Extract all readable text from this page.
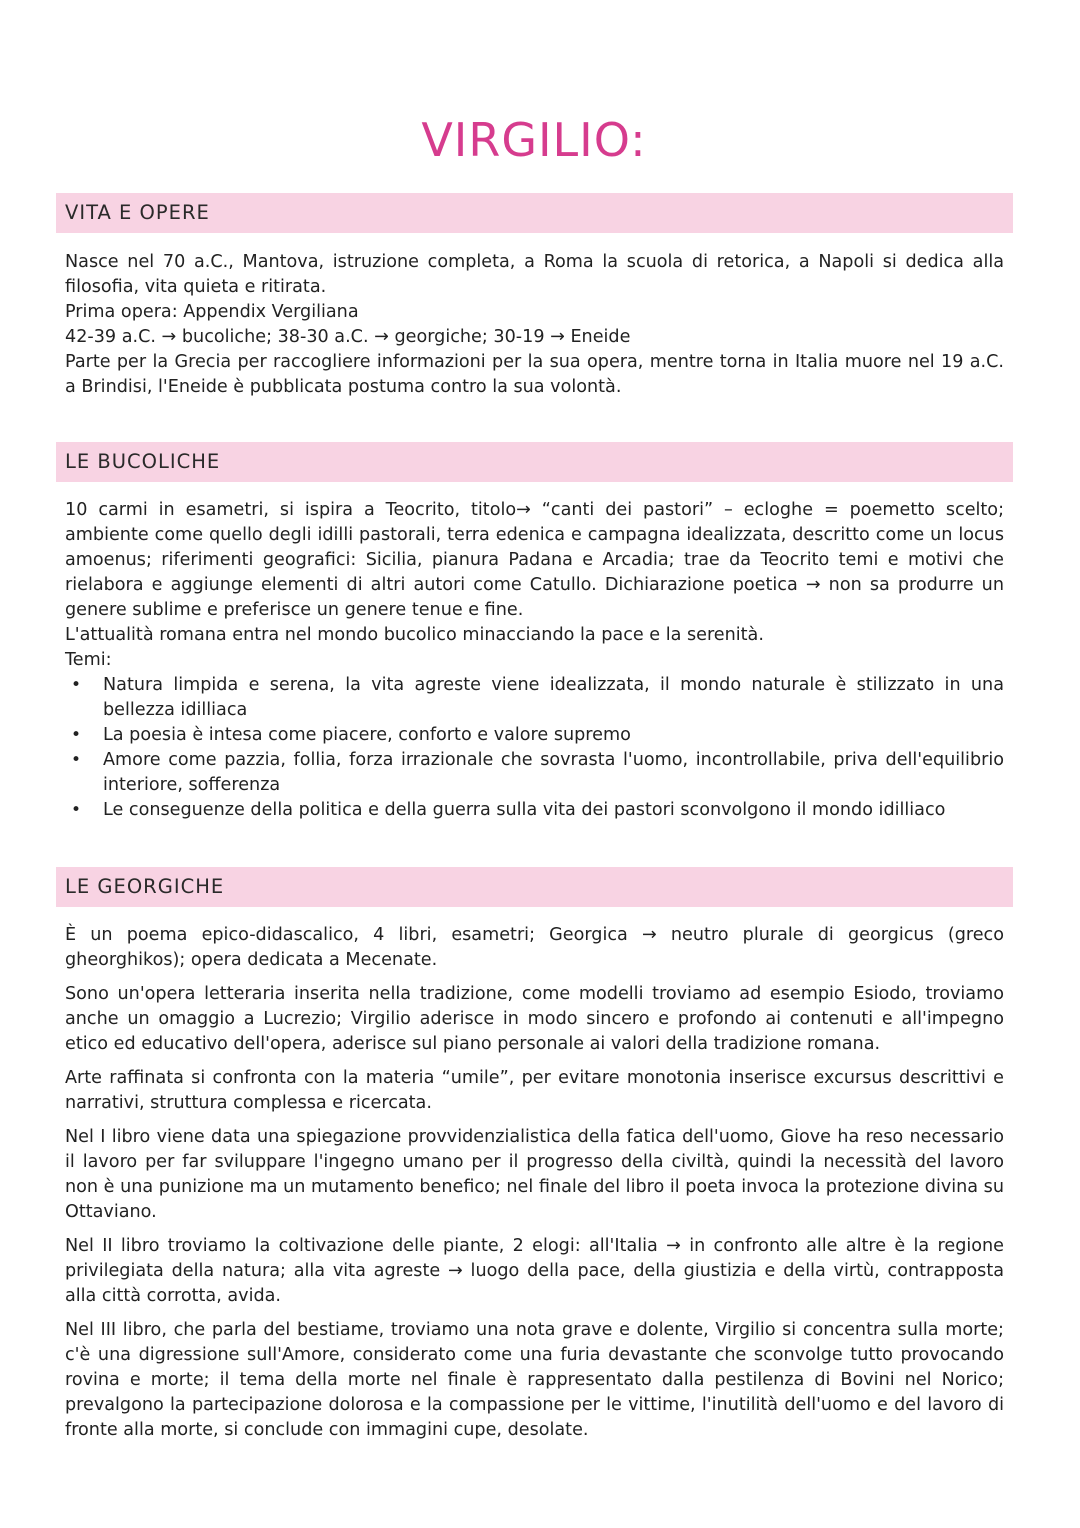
VIRGILIO:
VITA E OPERE

Nasce nel 70 a.C., Mantova, istruzione completa, a Roma la scuola di retorica, a Napoli si dedica alla filosofia, vita quieta e ritirata.

Prima opera: Appendix Vergiliana

42-39 a.C. → bucoliche; 38-30 a.C. → georgiche; 30-19 → Eneide

Parte per la Grecia per raccogliere informazioni per la sua opera, mentre torna in Italia muore nel 19 a.C. a Brindisi, l'Eneide è pubblicata postuma contro la sua volontà.

LE BUCOLICHE

10 carmi in esametri, si ispira a Teocrito, titolo→ “canti dei pastori” – ecloghe = poemetto scelto; ambiente come quello degli idilli pastorali, terra edenica e campagna idealizzata, descritto come un locus amoenus; riferimenti geografici: Sicilia, pianura Padana e Arcadia; trae da Teocrito temi e motivi che rielabora e aggiunge elementi di altri autori come Catullo. Dichiarazione poetica → non sa produrre un genere sublime e preferisce un genere tenue e fine.

L'attualità romana entra nel mondo bucolico minacciando la pace e la serenità.

Temi:

• Natura limpida e serena, la vita agreste viene idealizzata, il mondo naturale è stilizzato in una bellezza idilliaca
• La poesia è intesa come piacere, conforto e valore supremo
• Amore come pazzia, follia, forza irrazionale che sovrasta l'uomo, incontrollabile, priva dell'equilibrio interiore, sofferenza
• Le conseguenze della politica e della guerra sulla vita dei pastori sconvolgono il mondo idilliaco
LE GEORGICHE

È un poema epico-didascalico, 4 libri, esametri; Georgica → neutro plurale di georgicus (greco gheorghikos); opera dedicata a Mecenate.

Sono un'opera letteraria inserita nella tradizione, come modelli troviamo ad esempio Esiodo, troviamo anche un omaggio a Lucrezio; Virgilio aderisce in modo sincero e profondo ai contenuti e all'impegno etico ed educativo dell'opera, aderisce sul piano personale ai valori della tradizione romana.

Arte raffinata si confronta con la materia “umile”, per evitare monotonia inserisce excursus descrittivi e narrativi, struttura complessa e ricercata.

Nel I libro viene data una spiegazione provvidenzialistica della fatica dell'uomo, Giove ha reso necessario il lavoro per far sviluppare l'ingegno umano per il progresso della civiltà, quindi la necessità del lavoro non è una punizione ma un mutamento benefico; nel finale del libro il poeta invoca la protezione divina su Ottaviano.

Nel II libro troviamo la coltivazione delle piante, 2 elogi: all'Italia → in confronto alle altre è la regione privilegiata della natura; alla vita agreste → luogo della pace, della giustizia e della virtù, contrapposta alla città corrotta, avida.

Nel III libro, che parla del bestiame, troviamo una nota grave e dolente, Virgilio si concentra sulla morte; c'è una digressione sull'Amore, considerato come una furia devastante che sconvolge tutto provocando rovina e morte; il tema della morte nel finale è rappresentato dalla pestilenza di Bovini nel Norico; prevalgono la partecipazione dolorosa e la compassione per le vittime, l'inutilità dell'uomo e del lavoro di fronte alla morte, si conclude con immagini cupe, desolate.
